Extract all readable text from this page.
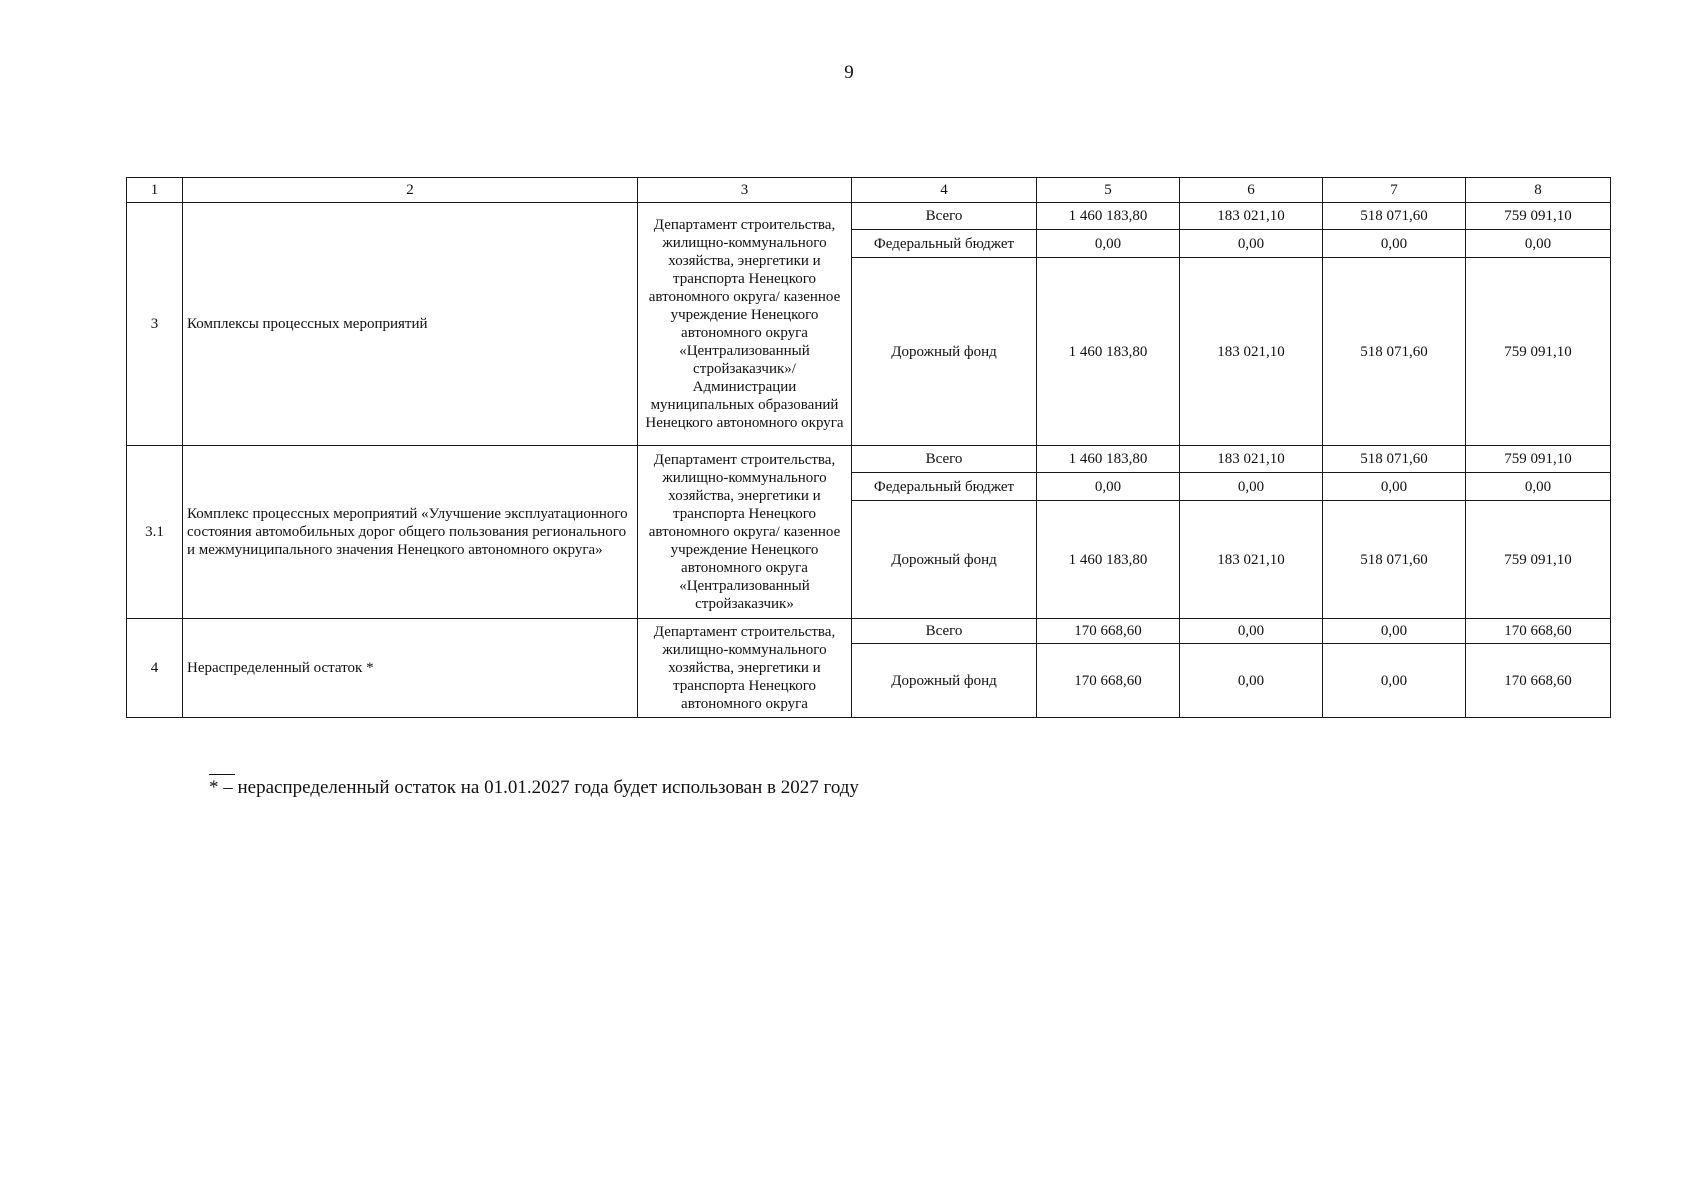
9
1	2	3	4	5	6	7	8
3	Комплексы процессных мероприятий	Департамент строительства, жилищно-коммунального хозяйства, энергетики и транспорта Ненецкого автономного округа/ казенное учреждение Ненецкого автономного округа «Централизованный стройзаказчик»/ Администрации муниципальных образований Ненецкого автономного округа	Всего	1 460 183,80	183 021,10	518 071,60	759 091,10
			Федеральный бюджет	0,00	0,00	0,00	0,00
			Дорожный фонд	1 460 183,80	183 021,10	518 071,60	759 091,10
3.1	Комплекс процессных мероприятий «Улучшение эксплуатационного состояния автомобильных дорог общего пользования регионального и межмуниципального значения Ненецкого автономного округа»	Департамент строительства, жилищно-коммунального хозяйства, энергетики и транспорта Ненецкого автономного округа/ казенное учреждение Ненецкого автономного округа «Централизованный стройзаказчик»	Всего	1 460 183,80	183 021,10	518 071,60	759 091,10
			Федеральный бюджет	0,00	0,00	0,00	0,00
			Дорожный фонд	1 460 183,80	183 021,10	518 071,60	759 091,10
4	Нераспределенный остаток *	Департамент строительства, жилищно-коммунального хозяйства, энергетики и транспорта Ненецкого автономного округа	Всего	170 668,60	0,00	0,00	170 668,60
			Дорожный фонд	170 668,60	0,00	0,00	170 668,60
* – нераспределенный остаток на 01.01.2027 года будет использован в 2027 году
